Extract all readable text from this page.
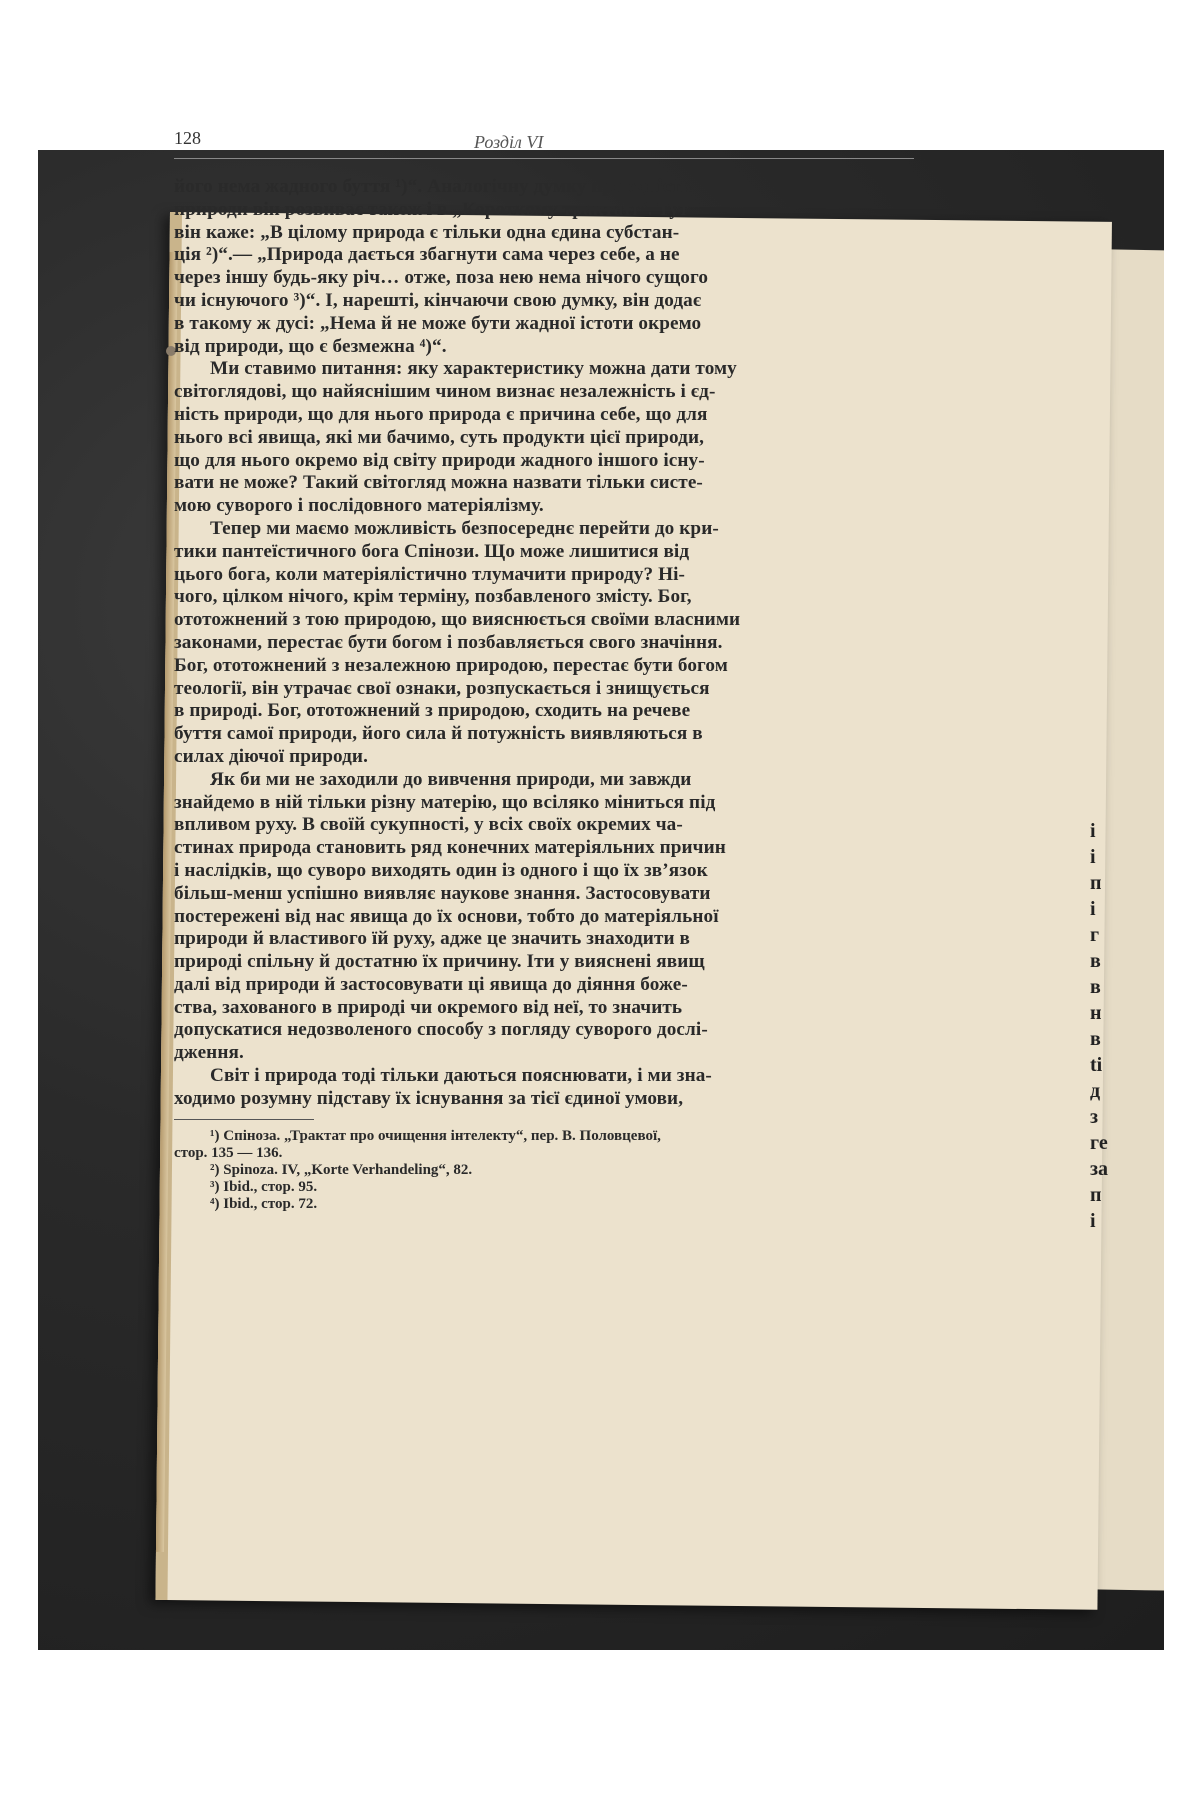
128	Розділ VI
його нема жадного буття ¹)“. Аналогічну думку про єдність
природи він розвиває також і в „Короткому трактаті“. Тут
він каже: „В цілому природа є тільки одна єдина субстан-
ція ²)“.— „Природа дається збагнути сама через себе, а не
через іншу будь-яку річ… отже, поза нею нема нічого сущого
чи існуючого ³)“. І, нарешті, кінчаючи свою думку, він додає
в такому ж дусі: „Нема й не може бути жадної істоти окремо
від природи, що є безмежна ⁴)“.
Ми ставимо питання: яку характеристику можна дати тому
світоглядові, що найяснішим чином визнає незалежність і єд-
ність природи, що для нього природа є причина себе, що для
нього всі явища, які ми бачимо, суть продукти цієї природи,
що для нього окремо від світу природи жадного іншого існу-
вати не може? Такий світогляд можна назвати тільки систе-
мою суворого і послідовного матеріялізму.
Тепер ми маємо можливість безпосереднє перейти до кри-
тики пантеїстичного бога Спінози. Що може лишитися від
цього бога, коли матеріялістично тлумачити природу? Ні-
чого, цілком нічого, крім терміну, позбавленого змісту. Бог,
ототожнений з тою природою, що вияснюється своїми власними
законами, перестає бути богом і позбавляється свого значіння.
Бог, ототожнений з незалежною природою, перестає бути богом
теології, він утрачає свої ознаки, розпускається і знищується
в природі. Бог, ототожнений з природою, сходить на речеве
буття самої природи, його сила й потужність виявляються в
силах діючої природи.
Як би ми не заходили до вивчення природи, ми завжди
знайдемо в ній тільки різну матерію, що всіляко міниться під
впливом руху. В своїй сукупності, у всіх своїх окремих ча-
стинах природа становить ряд конечних матеріяльних причин
і наслідків, що суворо виходять один із одного і що їх зв’язок
більш-менш успішно виявляє наукове знання. Застосовувати
постережені від нас явища до їх основи, тобто до матеріяльної
природи й властивого їй руху, адже це значить знаходити в
природі спільну й достатню їх причину. Іти у вияснені явищ
далі від природи й застосовувати ці явища до діяння боже-
ства, захованого в природі чи окремого від неї, то значить
допускатися недозволеного способу з погляду суворого дослі-
дження.
Світ і природа тоді тільки даються пояснювати, і ми зна-
ходимо розумну підставу їх існування за тієї єдиної умови,
¹) Спіноза. „Трактат про очищення інтелекту“, пер. В. Половцевої,
стор. 135 — 136.
²) Spinoza. IV, „Korte Verhandeling“, 82.
³) Ibid., стор. 95.
⁴) Ibid., стор. 72.
і
і
п
і
г
в
в
н
в
ti
д
з
ге
за
п
і
